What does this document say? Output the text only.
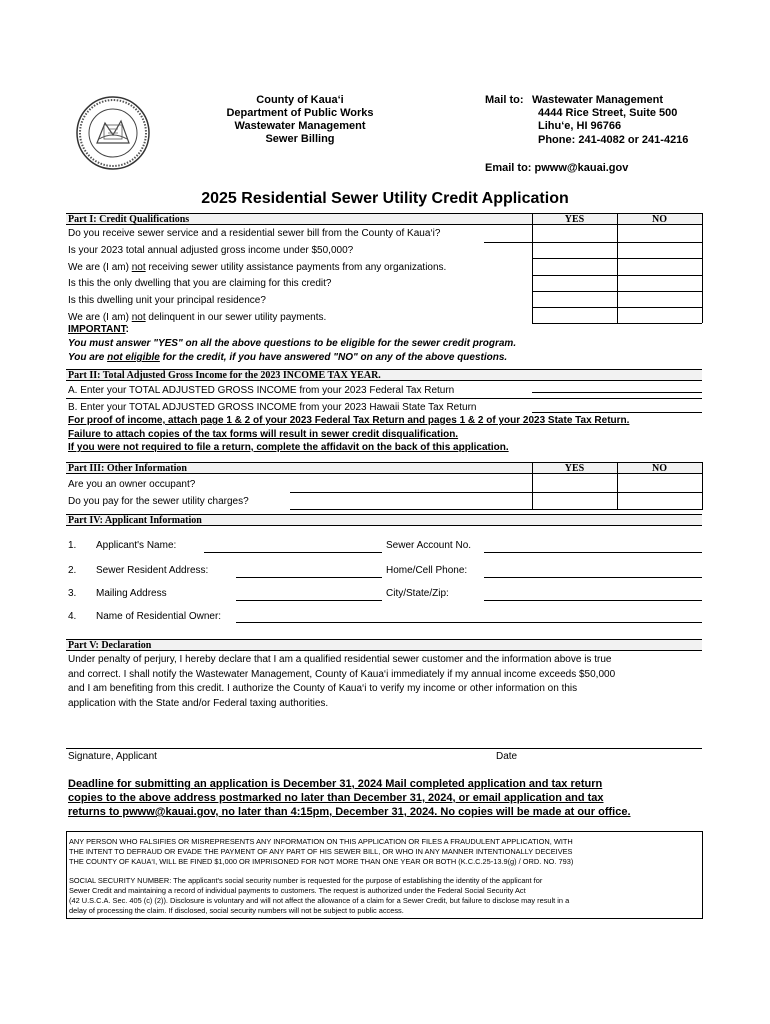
County of Kaua‘i
Department of Public Works
Wastewater Management
Sewer Billing
Mail to: Wastewater Management
4444 Rice Street, Suite 500
Lihu‘e, HI 96766
Phone: 241-4082 or 241-4216
Email to: pwww@kauai.gov
2025 Residential Sewer Utility Credit Application
Part I: Credit Qualifications	YES	NO
Do you receive sewer service and a residential sewer bill from the County of Kaua‘i?
Is your 2023 total annual adjusted gross income under $50,000?
We are (I am) not receiving sewer utility assistance payments from any organizations.
Is this the only dwelling that you are claiming for this credit?
Is this dwelling unit your principal residence?
We are (I am) not delinquent in our sewer utility payments.
IMPORTANT:
You must answer "YES" on all the above questions to be eligible for the sewer credit program.
You are not eligible for the credit, if you have answered "NO" on any of the above questions.
Part II: Total Adjusted Gross Income for the 2023 INCOME TAX YEAR.
A. Enter your TOTAL ADJUSTED GROSS INCOME from your 2023 Federal Tax Return
B. Enter your TOTAL ADJUSTED GROSS INCOME from your 2023 Hawaii State Tax Return
For proof of income, attach page 1 & 2 of your 2023 Federal Tax Return and pages 1 & 2 of your 2023 State Tax Return.
Failure to attach copies of the tax forms will result in sewer credit disqualification.
If you were not required to file a return, complete the affidavit on the back of this application.
Part III: Other Information	YES	NO
Are you an owner occupant?
Do you pay for the sewer utility charges?
Part IV: Applicant Information
1. Applicant's Name:	Sewer Account No.
2. Sewer Resident Address:	Home/Cell Phone:
3. Mailing Address	City/State/Zip:
4. Name of Residential Owner:
Part V: Declaration
Under penalty of perjury, I hereby declare that I am a qualified residential sewer customer and the information above is true
and correct. I shall notify the Wastewater Management, County of Kaua‘i immediately if my annual income exceeds $50,000
and I am benefiting from this credit. I authorize the County of Kaua‘i to verify my income or other information on this
application with the State and/or Federal taxing authorities.
Signature, Applicant	Date
Deadline for submitting an application is December 31, 2024 Mail completed application and tax return
copies to the above address postmarked no later than December 31, 2024, or email application and tax
returns to pwww@kauai.gov, no later than 4:15pm, December 31, 2024. No copies will be made at our office.
ANY PERSON WHO FALSIFIES OR MISREPRESENTS ANY INFORMATION ON THIS APPLICATION OR FILES A FRAUDULENT APPLICATION, WITH
THE INTENT TO DEFRAUD OR EVADE THE PAYMENT OF ANY PART OF HIS SEWER BILL, OR WHO IN ANY MANNER INTENTIONALLY DECEIVES
THE COUNTY OF KAUA‘I, WILL BE FINED $1,000 OR IMPRISONED FOR NOT MORE THAN ONE YEAR OR BOTH (K.C.C.25-13.9(g) / ORD. NO. 793)
SOCIAL SECURITY NUMBER: The applicant's social security number is requested for the purpose of establishing the identity of the applicant for
Sewer Credit and maintaining a record of individual payments to customers. The request is authorized under the Federal Social Security Act
(42 U.S.C.A. Sec. 405 (c) (2)). Disclosure is voluntary and will not affect the allowance of a claim for a Sewer Credit, but failure to disclose may result in a
delay of processing the claim. If disclosed, social security numbers will not be subject to public access.
